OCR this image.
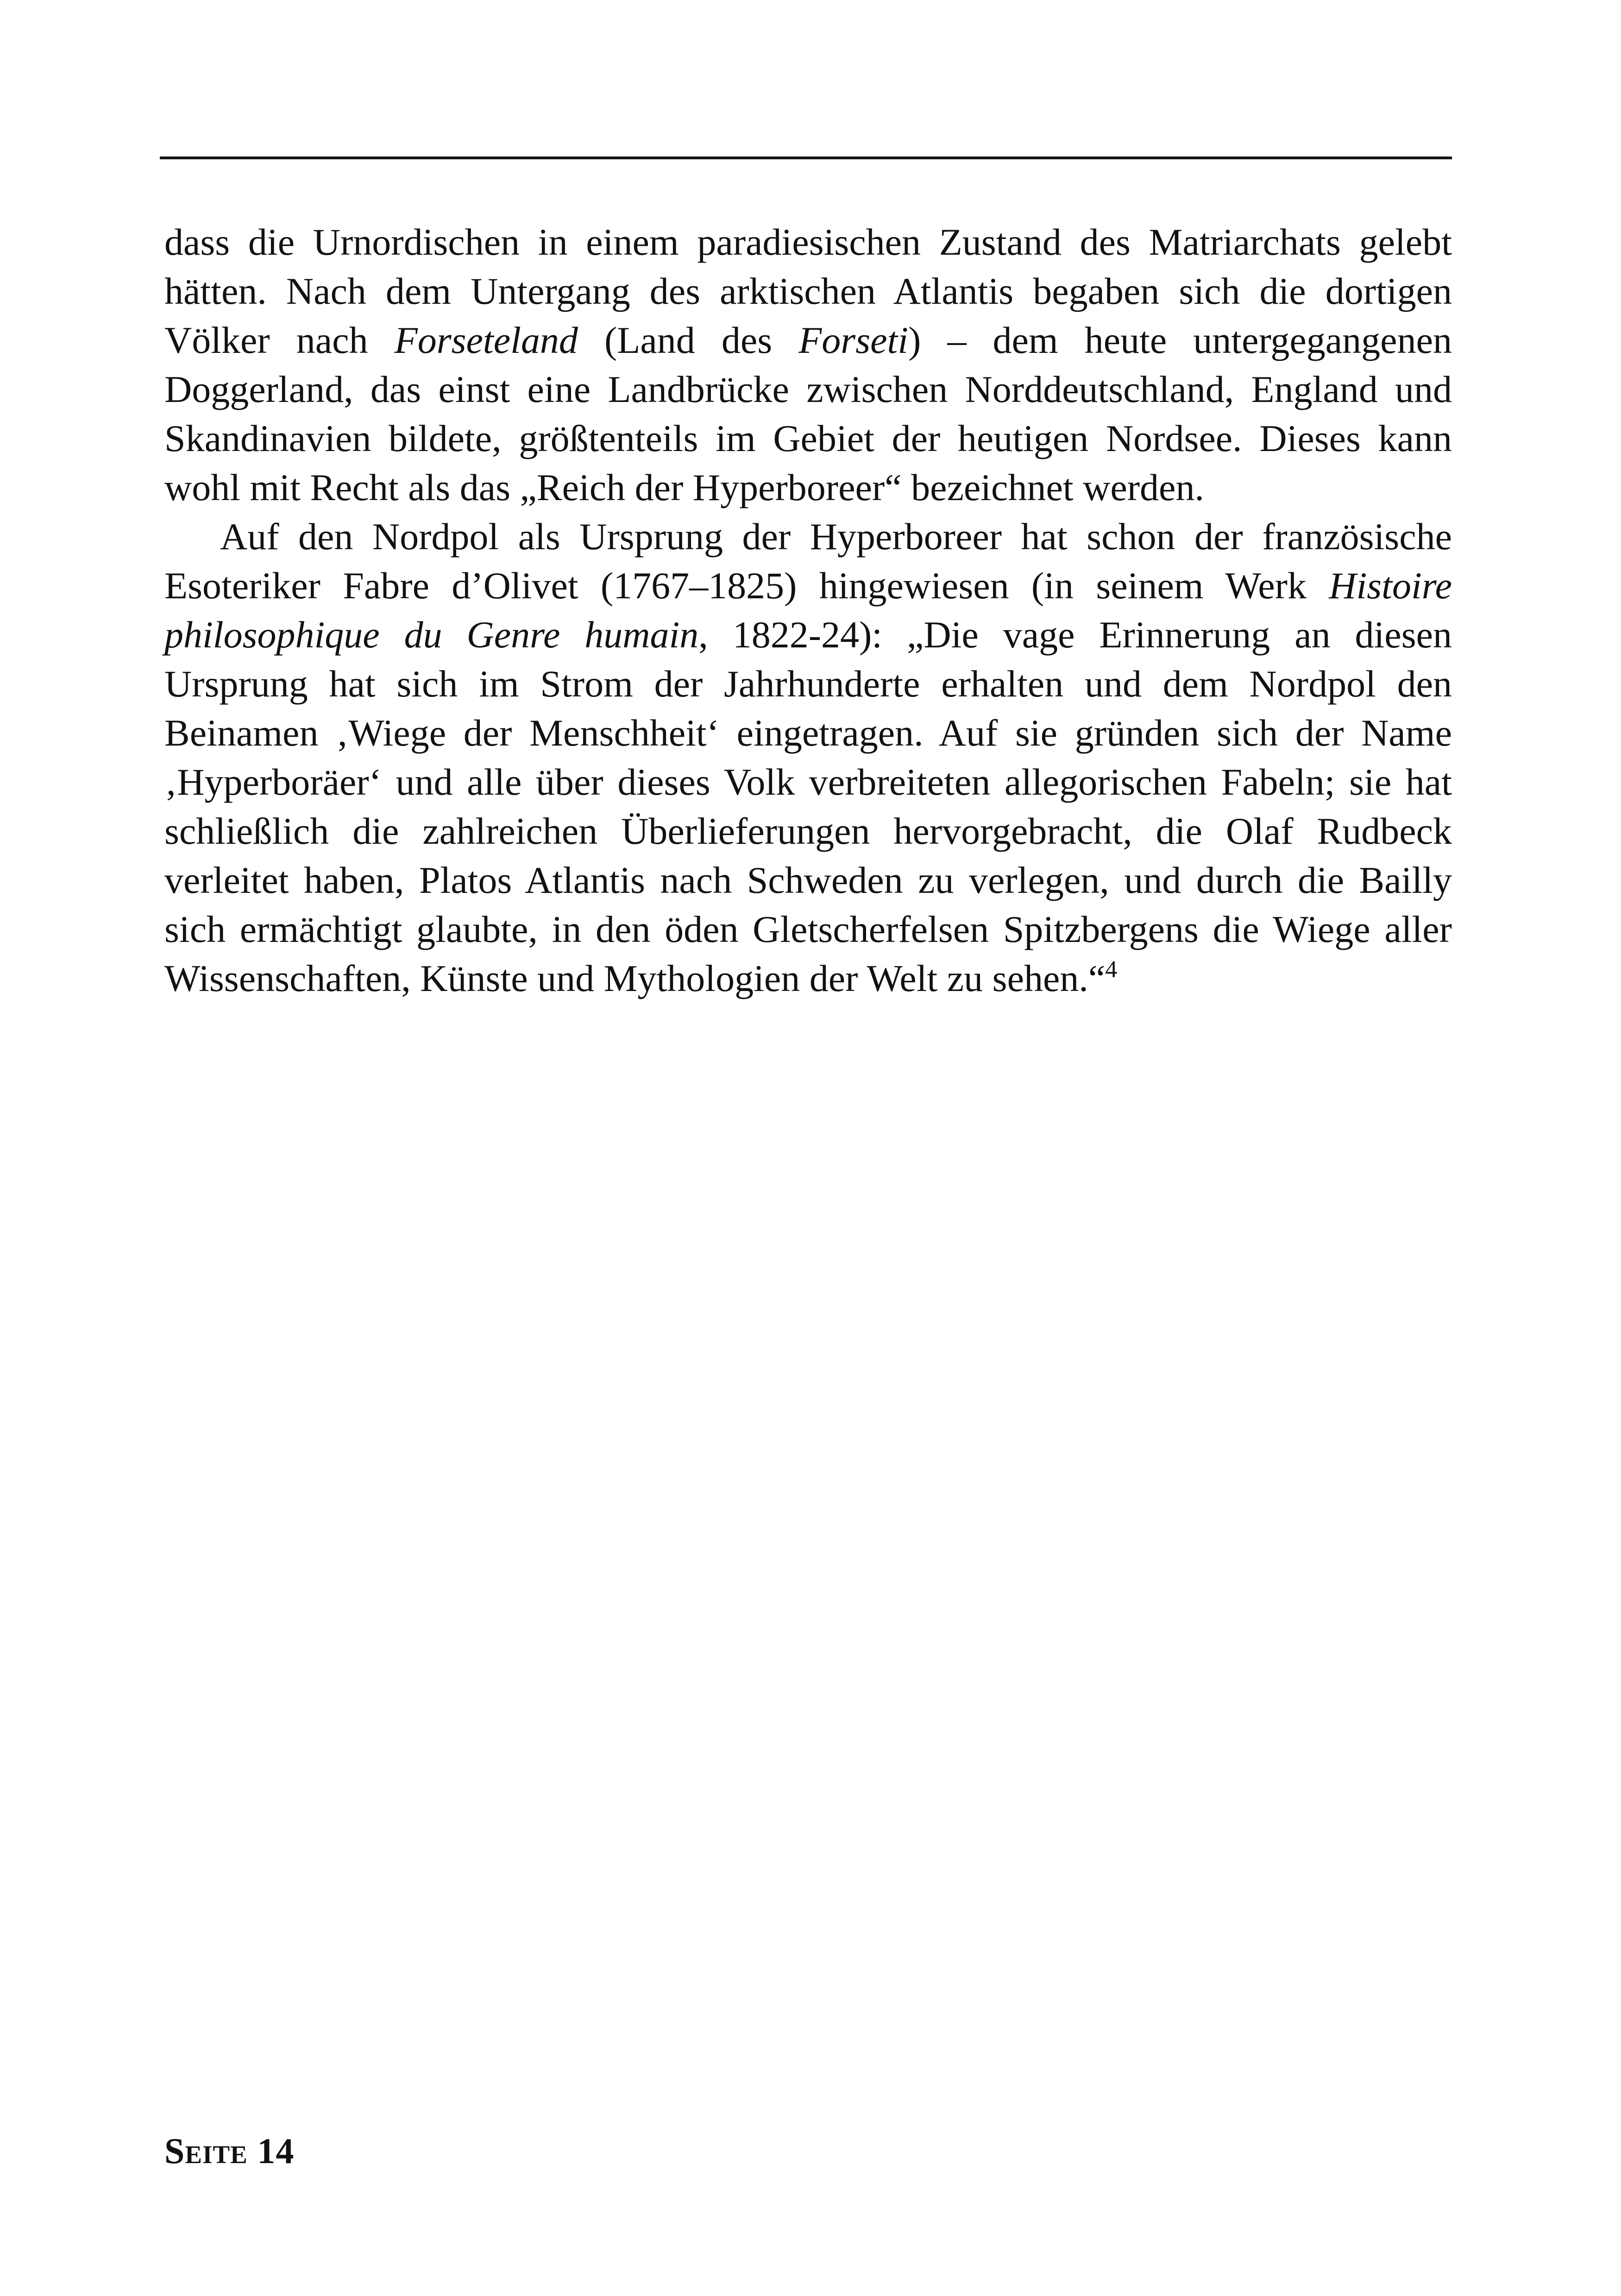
dass die Urnordischen in einem paradiesischen Zustand des Matriarchats gelebt hätten. Nach dem Untergang des arktischen Atlantis begaben sich die dortigen Völker nach Forseteland (Land des Forseti) – dem heute untergegangenen Doggerland, das einst eine Landbrücke zwischen Norddeutschland, England und Skandinavien bildete, größtenteils im Gebiet der heutigen Nordsee. Dieses kann wohl mit Recht als das „Reich der Hyperboreer“ bezeichnet werden.

Auf den Nordpol als Ursprung der Hyperboreer hat schon der französische Esoteriker Fabre d’Olivet (1767–1825) hingewiesen (in seinem Werk Histoire philosophique du Genre humain, 1822-24): „Die vage Erinnerung an diesen Ursprung hat sich im Strom der Jahrhunderte erhalten und dem Nordpol den Beinamen ‚Wiege der Menschheit‘ eingetragen. Auf sie gründen sich der Name ‚Hyperboräer‘ und alle über dieses Volk verbreiteten allegorischen Fabeln; sie hat schließlich die zahlreichen Überlieferungen hervorgebracht, die Olaf Rudbeck verleitet haben, Platos Atlantis nach Schweden zu verlegen, und durch die Bailly sich ermächtigt glaubte, in den öden Gletscherfelsen Spitzbergens die Wiege aller Wissenschaften, Künste und Mythologien der Welt zu sehen.“$^4$

Seite 14
